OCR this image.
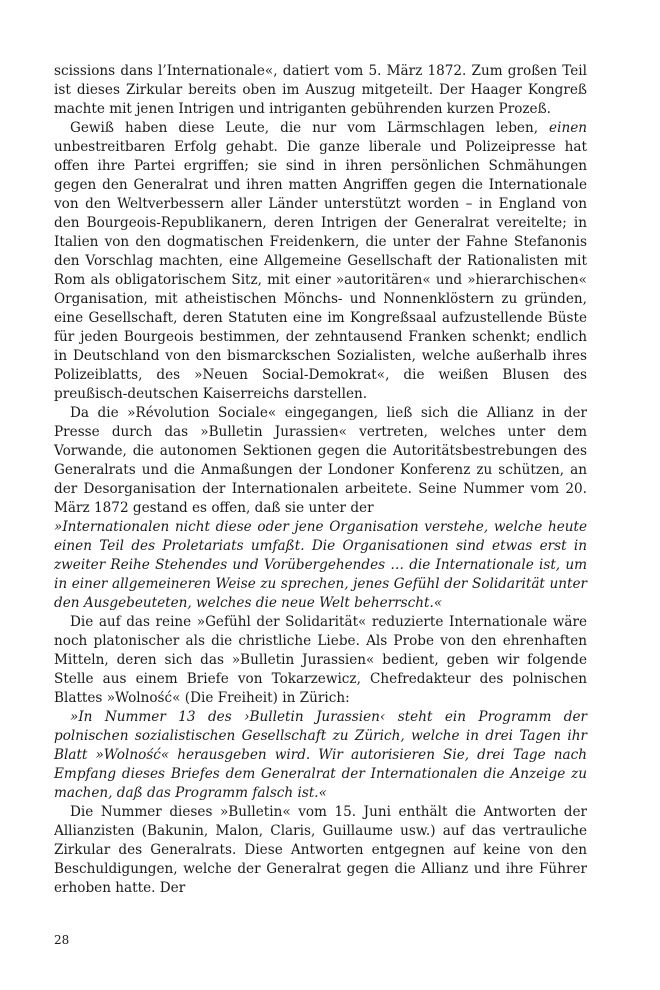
scissions dans l’Internationale«, datiert vom 5. März 1872. Zum großen Teil ist dieses Zirkular bereits oben im Auszug mitgeteilt. Der Haager Kongreß machte mit jenen Intrigen und intriganten gebührenden kurzen Prozeß.

Gewiß haben diese Leute, die nur vom Lärmschlagen leben, einen unbestreitbaren Erfolg gehabt. Die ganze liberale und Polizeipresse hat offen ihre Partei ergriffen; sie sind in ihren persönlichen Schmähungen gegen den Generalrat und ihren matten Angriffen gegen die Internationale von den Weltverbessern aller Länder unterstützt worden – in England von den Bourgeois-Republikanern, deren Intrigen der Generalrat vereitelte; in Italien von den dogmatischen Freidenkern, die unter der Fahne Stefanonis den Vorschlag machten, eine Allgemeine Gesellschaft der Rationalisten mit Rom als obligatorischem Sitz, mit einer »autoritären« und »hierarchischen« Organisation, mit atheistischen Mönchs- und Nonnenklöstern zu gründen, eine Gesellschaft, deren Statuten eine im Kongreßsaal aufzustellende Büste für jeden Bourgeois bestimmen, der zehntausend Franken schenkt; endlich in Deutschland von den bismarckschen Sozialisten, welche außerhalb ihres Polizeiblatts, des »Neuen Social-Demokrat«, die weißen Blusen des preußisch-deutschen Kaiserreichs darstellen.

Da die »Révolution Sociale« eingegangen, ließ sich die Allianz in der Presse durch das »Bulletin Jurassien« vertreten, welches unter dem Vorwande, die autonomen Sektionen gegen die Autoritätsbestrebungen des Generalrats und die Anmaßungen der Londoner Konferenz zu schützen, an der Desorganisation der Internationalen arbeitete. Seine Nummer vom 20. März 1872 gestand es offen, daß sie unter der

»Internationalen nicht diese oder jene Organisation verstehe, welche heute einen Teil des Proletariats umfaßt. Die Organisationen sind etwas erst in zweiter Reihe Stehendes und Vorübergehendes … die Internationale ist, um in einer allgemeineren Weise zu sprechen, jenes Gefühl der Solidarität unter den Ausgebeuteten, welches die neue Welt beherrscht.«

Die auf das reine »Gefühl der Solidarität« reduzierte Internationale wäre noch platonischer als die christliche Liebe. Als Probe von den ehrenhaften Mitteln, deren sich das »Bulletin Jurassien« bedient, geben wir folgende Stelle aus einem Briefe von Tokarzewicz, Chefredakteur des polnischen Blattes »Wolność« (Die Freiheit) in Zürich:

»In Nummer 13 des ›Bulletin Jurassien‹ steht ein Programm der polnischen sozialistischen Gesellschaft zu Zürich, welche in drei Tagen ihr Blatt »Wolność« herausgeben wird. Wir autorisieren Sie, drei Tage nach Empfang dieses Briefes dem Generalrat der Internationalen die Anzeige zu machen, daß das Programm falsch ist.«

Die Nummer dieses »Bulletin« vom 15. Juni enthält die Antworten der Allianzisten (Bakunin, Malon, Claris, Guillaume usw.) auf das vertrauliche Zirkular des Generalrats. Diese Antworten entgegnen auf keine von den Beschuldigungen, welche der Generalrat gegen die Allianz und ihre Führer erhoben hatte. Der

28
